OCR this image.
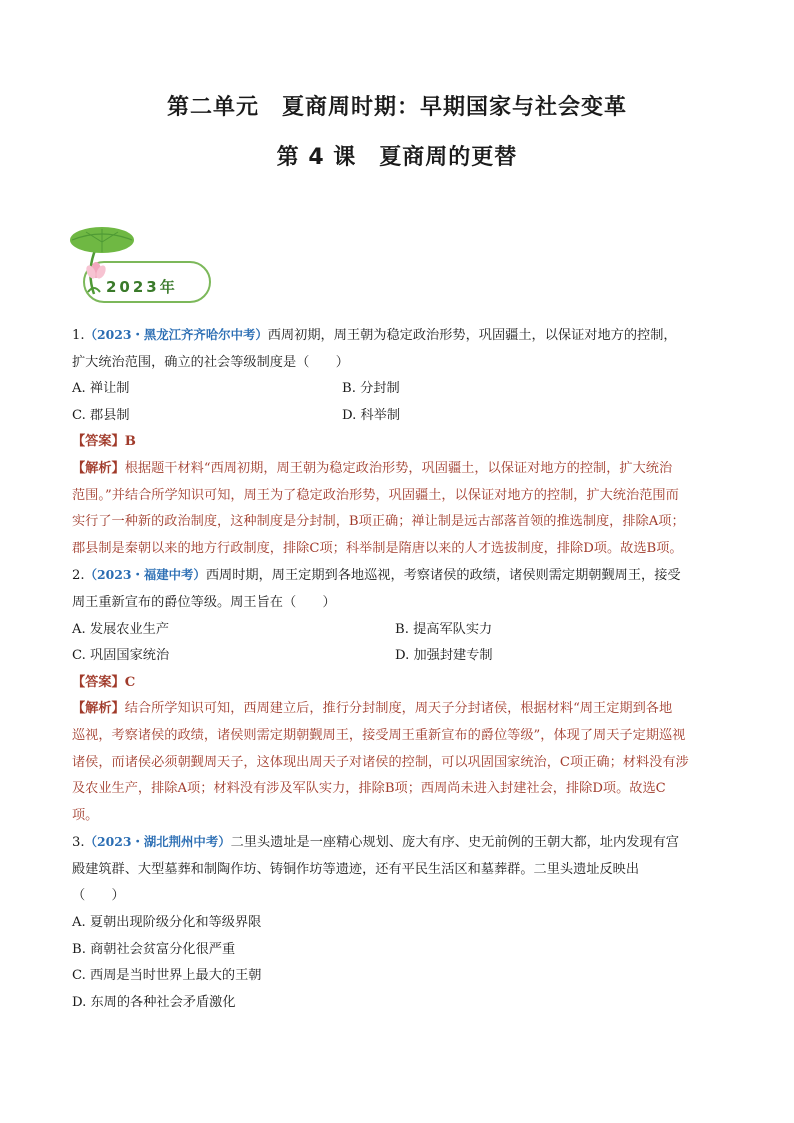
第二单元　夏商周时期：早期国家与社会变革
第 4 课　夏商周的更替
2023年
1.（2023・黑龙江齐齐哈尔中考）西周初期，周王朝为稳定政治形势，巩固疆土，以保证对地方的控制，
扩大统治范围，确立的社会等级制度是（　　）
A. 禅让制	B. 分封制
C. 郡县制	D. 科举制
【答案】B
【解析】根据题干材料“西周初期，周王朝为稳定政治形势，巩固疆土，以保证对地方的控制，扩大统治
范围。”并结合所学知识可知，周王为了稳定政治形势，巩固疆土，以保证对地方的控制，扩大统治范围而
实行了一种新的政治制度，这种制度是分封制，B项正确；禅让制是远古部落首领的推选制度，排除A项；
郡县制是秦朝以来的地方行政制度，排除C项；科举制是隋唐以来的人才选拔制度，排除D项。故选B项。
2.（2023・福建中考）西周时期，周王定期到各地巡视，考察诸侯的政绩，诸侯则需定期朝觐周王，接受
周王重新宣布的爵位等级。周王旨在（　　）
A. 发展农业生产	B. 提高军队实力
C. 巩固国家统治	D. 加强封建专制
【答案】C
【解析】结合所学知识可知，西周建立后，推行分封制度，周天子分封诸侯，根据材料“周王定期到各地
巡视，考察诸侯的政绩，诸侯则需定期朝觐周王，接受周王重新宣布的爵位等级”，体现了周天子定期巡视
诸侯，而诸侯必须朝觐周天子，这体现出周天子对诸侯的控制，可以巩固国家统治，C项正确；材料没有涉
及农业生产，排除A项；材料没有涉及军队实力，排除B项；西周尚未进入封建社会，排除D项。故选C
项。
3.（2023・湖北荆州中考）二里头遗址是一座精心规划、庞大有序、史无前例的王朝大都，址内发现有宫
殿建筑群、大型墓葬和制陶作坊、铸铜作坊等遗迹，还有平民生活区和墓葬群。二里头遗址反映出
（　　）
A. 夏朝出现阶级分化和等级界限
B. 商朝社会贫富分化很严重
C. 西周是当时世界上最大的王朝
D. 东周的各种社会矛盾激化
